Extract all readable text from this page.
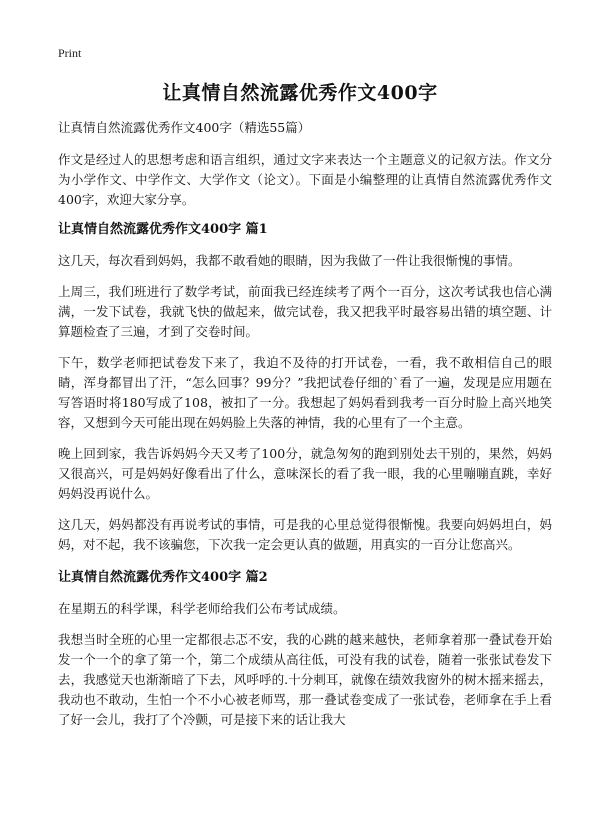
Print
让真情自然流露优秀作文400字

让真情自然流露优秀作文400字（精选55篇）

作文是经过人的思想考虑和语言组织，通过文字来表达一个主题意义的记叙方法。作文分为小学作文、中学作文、大学作文（论文）。下面是小编整理的让真情自然流露优秀作文400字，欢迎大家分享。

让真情自然流露优秀作文400字 篇1

这几天，每次看到妈妈，我都不敢看她的眼睛，因为我做了一件让我很惭愧的事情。

上周三，我们班进行了数学考试，前面我已经连续考了两个一百分，这次考试我也信心满满，一发下试卷，我就飞快的做起来，做完试卷，我又把我平时最容易出错的填空题、计算题检查了三遍，才到了交卷时间。

下午，数学老师把试卷发下来了，我迫不及待的打开试卷，一看，我不敢相信自己的眼睛，浑身都冒出了汗，“怎么回事？99分？”我把试卷仔细的`看了一遍，发现是应用题在写答语时将180写成了108，被扣了一分。我想起了妈妈看到我考一百分时脸上高兴地笑容，又想到今天可能出现在妈妈脸上失落的神情，我的心里有了一个主意。

晚上回到家，我告诉妈妈今天又考了100分，就急匆匆的跑到别处去干别的，果然，妈妈又很高兴，可是妈妈好像看出了什么，意味深长的看了我一眼，我的心里嘣嘣直跳，幸好妈妈没再说什么。

这几天，妈妈都没有再说考试的事情，可是我的心里总觉得很惭愧。我要向妈妈坦白，妈妈，对不起，我不该骗您，下次我一定会更认真的做题，用真实的一百分让您高兴。

让真情自然流露优秀作文400字 篇2

在星期五的科学课，科学老师给我们公布考试成绩。

我想当时全班的心里一定都很忐忑不安，我的心跳的越来越快，老师拿着那一叠试卷开始发一个一个的拿了第一个，第二个成绩从高往低，可没有我的试卷，随着一张张试卷发下去，我感觉天也渐渐暗了下去，风呼呼的.十分刺耳，就像在绩效我窗外的树木摇来摇去，我动也不敢动，生怕一个不小心被老师骂，那一叠试卷变成了一张试卷，老师拿在手上看了好一会儿，我打了个冷颤，可是接下来的话让我大
